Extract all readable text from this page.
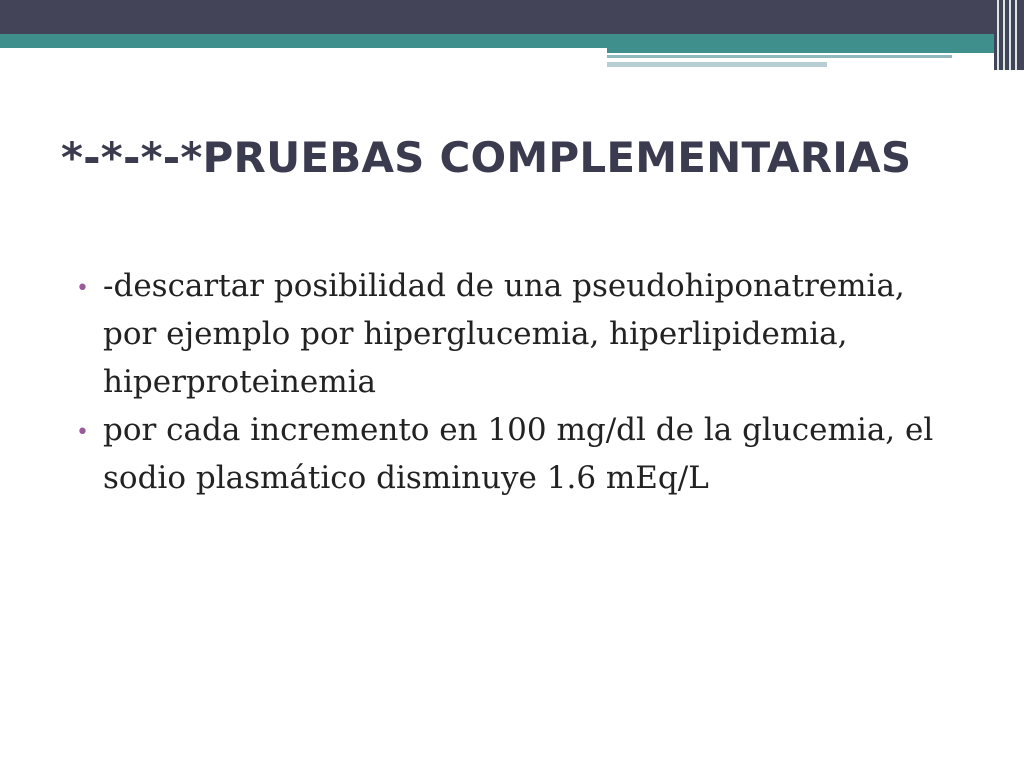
*-*-*-*PRUEBAS COMPLEMENTARIAS
• -descartar posibilidad de una pseudohiponatremia, por ejemplo por hiperglucemia, hiperlipidemia, hiperproteinemia
• por cada incremento en 100 mg/dl de la glucemia, el sodio plasmático disminuye 1.6 mEq/L
